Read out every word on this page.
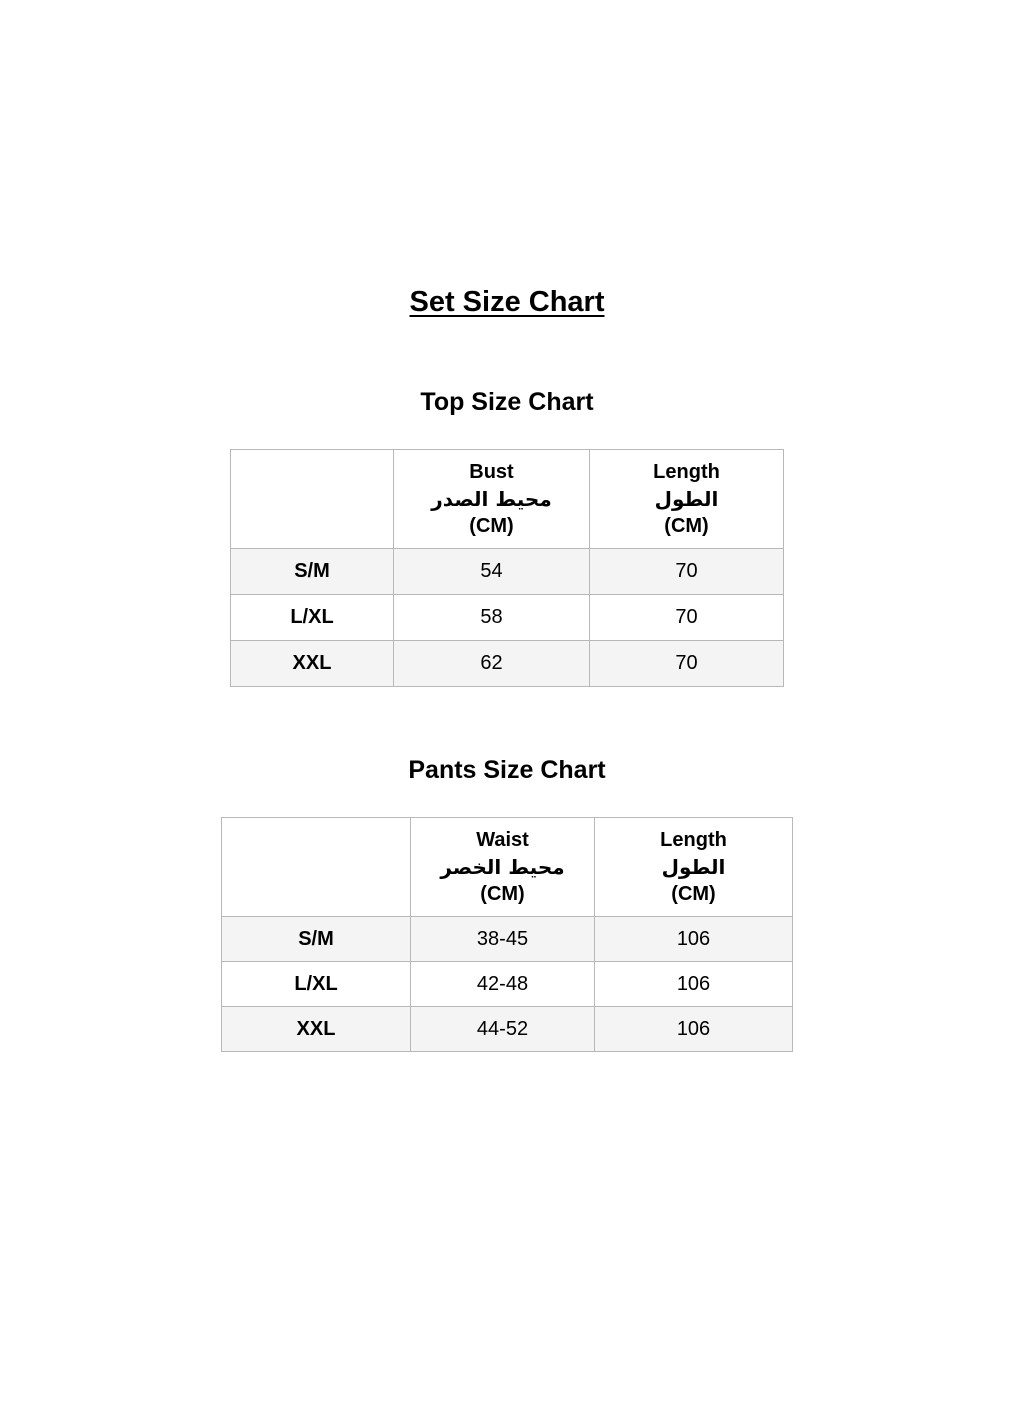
Set Size Chart
Top Size Chart

	Bust
محيط الصدر
(CM)	Length
الطول
(CM)

S/M	54	70
L/XL	58	70
XXL	62	70
Pants Size Chart

	Waist
محيط الخصر
(CM)	Length
الطول
(CM)

S/M	38-45	106
L/XL	42-48	106
XXL	44-52	106
